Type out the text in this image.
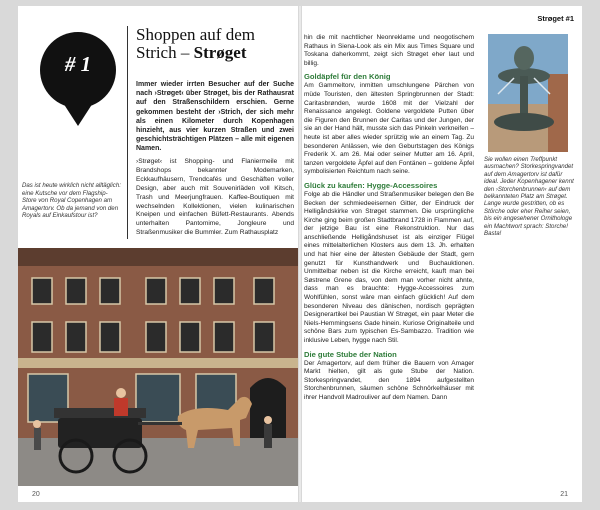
# 1
Shoppen auf dem
Strich – Strøget
Immer wieder irrten Besucher auf der Suche nach ›Strøget‹ über Strøget, bis der Rathausrat auf den Straßenschildern erschien. Gerne gekommen besteht der ›Strich, der sich mehr als einen Kilometer durch Kopenhagen hinzieht, aus vier kurzen Straßen und zwei geschichtsträchtigen Plätzen – alle mit eigenen Namen.
›Strøget‹ ist Shopping- und Flaniermeile mit Brandshops bekannter Modemarken, Eckkaufhäusern, Trendcafés und Geschäften voller Design, aber auch mit Souvenirläden voll Kitsch, Trash und Meerjungfrauen. Kaffee-Boutiquen mit wechselnden Kollektionen, vielen kulinarischen Kneipen und einfachen Büfett-Restaurants. Abends unterhalten Pantomime, Jongleure und Straßenmusiker die Bummler. Zum Rathausplatz
Das ist heute wirklich nicht alltäglich: eine Kutsche vor dem Flagship-Store von Royal Copenhagen am Amagertorv. Ob da jemand von den Royals auf Einkaufstour ist?
20
Strøget #1

hin die mit nachtlicher Neonreklame und neogotischem Rathaus in Siena-Look als ein Mix aus Times Square und Toskana daherkommt, zeigt sich Strøget eher laut und billig.

Goldäpfel für den König

Am Gammeltorv, inmitten umschlungene Pärchen von müde Touristen, den ältesten Springbrunnen der Stadt: Caritasbrønden, wurde 1608 mit der Vielzahl der Renaissance angelegt. Goldene vergoldete Putten über die Figuren den Brunnen der Caritas und der Jungen, der sie an der Hand hält, musste sich das Pinkeln verkneifen – heute ist aber alles wieder sprützig wie an einem Tag. Zu besonderen Anlässen, wie den Geburtstagen des Königs Frederik X. am 26. Mai oder seiner Mutter am 16. April, tanzen vergoldete Äpfel auf den Fontänen – goldene Äpfel symbolisierten Reichtum nach seine.

Glück zu kaufen: Hygge-Accessoires

Folge ab die Händler und Straßenmusiker belegen den Be Becken der schmiedeeisernen Gitter, der Eindruck der Helligåndskirke von Strøget stammen. Die ursprüngliche Kirche ging beim großen Stadtbrand 1728 in Flammen auf, der jetzige Bau ist eine Rekonstruktion. Nur das anschließende Helligåndshuset ist als einziger Flügel eines mittelalterlichen Klosters aus dem 13. Jh. erhalten und hat hier eine der ältesten Gebäude der Stadt, gern genutzt für Kunsthandwerk und Buchauktionen. Unmittelbar neben ist die Kirche erreicht, kauft man bei Søstrene Grene das, von dem man vorher nicht ahnte, dass man es brauchte: Hygge-Accessoires zum Wohlfühlen, sonst wäre man einfach glücklich! Auf dem besonderen Niveau des dänischen, nordisch geprägten Designerartikel bei Paustian W Strøget, ein paar Meter die Niels-Hemmingsens Gade hinein. Kuriose Originalteile und schöne Bars zum typischen Es-Sambazzo. Tradition wie inklusive Leben, hygge nach Stil.

Die gute Stube der Nation

Der Amagertorv, auf dem früher die Bauern von Amager Markt hielten, gilt als gute Stube der Nation. Storkespringvandet, den 1894 aufgestellten Storchenbrunnen, säumen schöne Schnörkelhäuser mit ihrer Handvoll Madrouliver auf dem Namen. Dann

Sie wollen einen Treffpunkt ausmachen? Storkespringvandet auf dem Amagertorv ist dafür ideal. Jeder Kopenhagener kennt den ›Storchenbrunnen‹ auf dem belkannteten Platz am Strøget. Lange wurde gestritten, ob es Störche oder eher Reiher seien, bis ein angesehener Ornithologe ein Machtwort sprach: Storche! Basta!
21
